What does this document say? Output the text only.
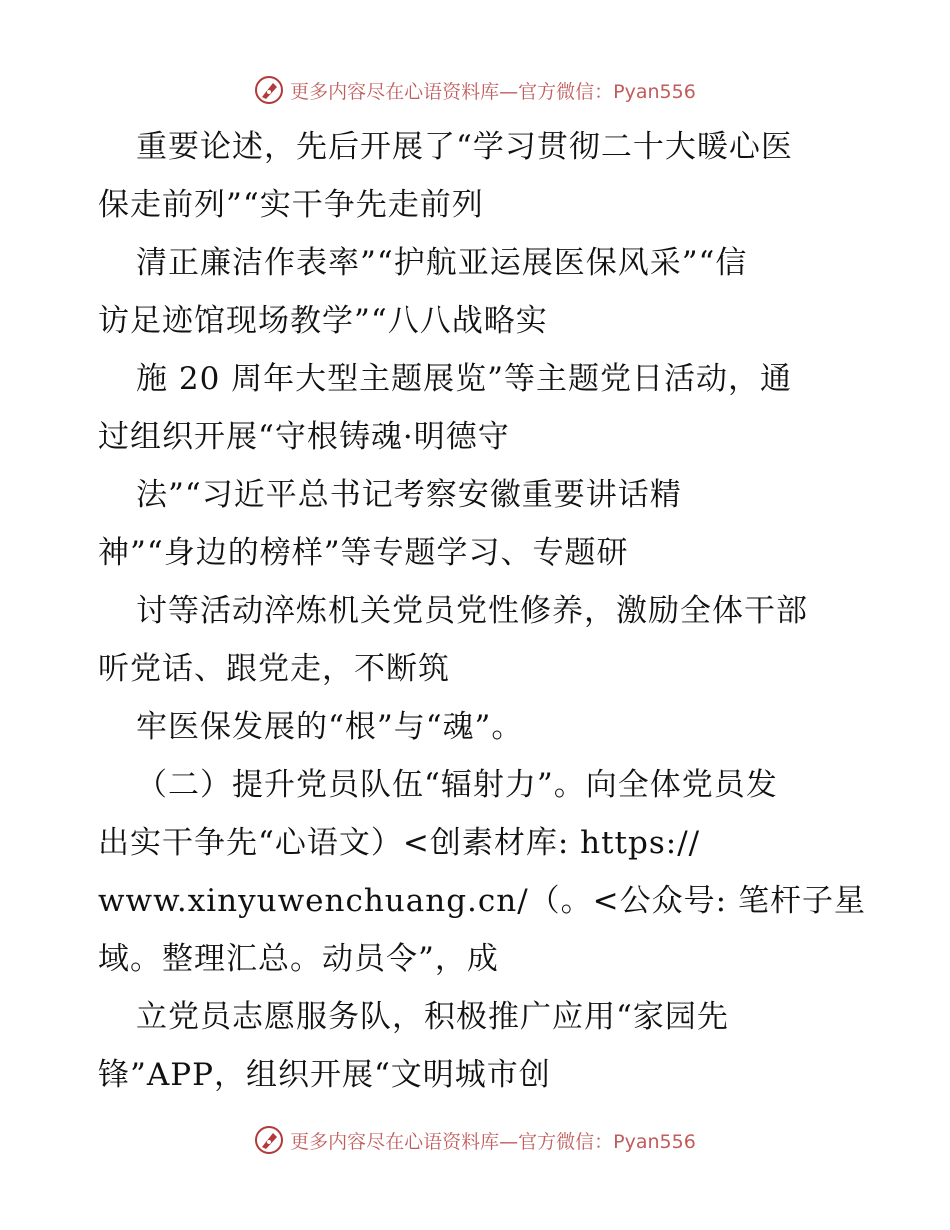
更多内容尽在心语资料库—官方微信：Pyan556
重要论述，先后开展了“学习贯彻二十大暖心医
保走前列”“实干争先走前列
清正廉洁作表率”“护航亚运展医保风采”“信
访足迹馆现场教学”“八八战略实
施 20 周年大型主题展览”等主题党日活动，通
过组织开展“守根铸魂·明德守
法”“习近平总书记考察安徽重要讲话精
神”“身边的榜样”等专题学习、专题研
讨等活动淬炼机关党员党性修养，激励全体干部
听党话、跟党走，不断筑
牢医保发展的“根”与“魂”。
（二）提升党员队伍“辐射力”。向全体党员发
出实干争先“心语文）<创素材库: https://
www.xinyuwenchuang.cn/（。<公众号: 笔杆子星
域。整理汇总。动员令”，成
立党员志愿服务队，积极推广应用“家园先
锋”APP，组织开展“文明城市创
更多内容尽在心语资料库—官方微信：Pyan556
